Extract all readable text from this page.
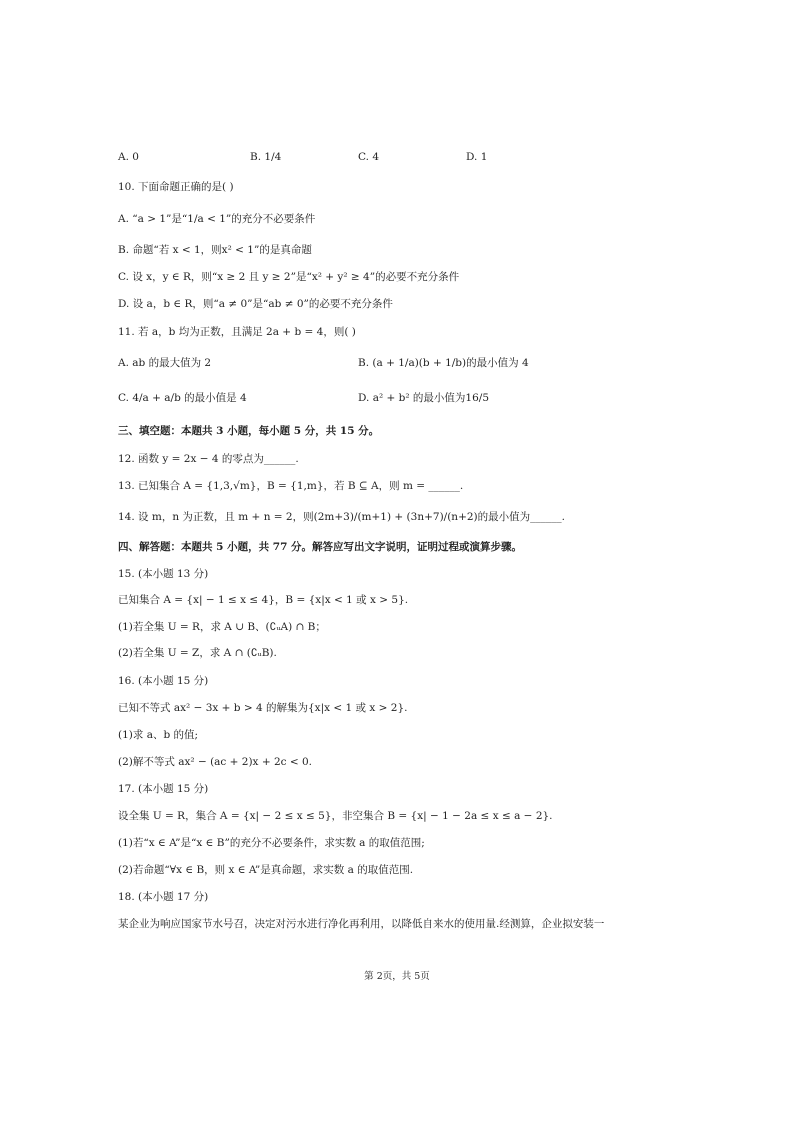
A. 0	B. 1/4	C. 4	D. 1
10. 下面命题正确的是( )
A. “a > 1”是“1/a < 1”的充分不必要条件
B. 命题“若 x < 1，则x² < 1”的是真命题
C. 设 x，y ∈ R，则“x ≥ 2 且 y ≥ 2”是“x² + y² ≥ 4”的必要不充分条件
D. 设 a，b ∈ R，则“a ≠ 0”是“ab ≠ 0”的必要不充分条件
11. 若 a，b 均为正数，且满足 2a + b = 4，则( )
A. ab 的最大值为 2	B. (a + 1/a)(b + 1/b)的最小值为 4
C. 4/a + a/b 的最小值是 4	D. a² + b² 的最小值为16/5
三、填空题：本题共 3 小题，每小题 5 分，共 15 分。
12. 函数 y = 2x − 4 的零点为______.
13. 已知集合 A = {1,3,√m}，B = {1,m}，若 B ⊆ A，则 m = ______.
14. 设 m，n 为正数，且 m + n = 2，则(2m+3)/(m+1) + (3n+7)/(n+2)的最小值为______.
四、解答题：本题共 5 小题，共 77 分。解答应写出文字说明，证明过程或演算步骤。
15. (本小题 13 分)
已知集合 A = {x| − 1 ≤ x ≤ 4}，B = {x|x < 1 或 x > 5}.
(1)若全集 U = R，求 A ∪ B、(∁ᵤA) ∩ B；
(2)若全集 U = Z，求 A ∩ (∁ᵤB).
16. (本小题 15 分)
已知不等式 ax² − 3x + b > 4 的解集为{x|x < 1 或 x > 2}.
(1)求 a、b 的值;
(2)解不等式 ax² − (ac + 2)x + 2c < 0.
17. (本小题 15 分)
设全集 U = R，集合 A = {x| − 2 ≤ x ≤ 5}，非空集合 B = {x| − 1 − 2a ≤ x ≤ a − 2}.
(1)若“x ∈ A”是“x ∈ B”的充分不必要条件，求实数 a 的取值范围;
(2)若命题“∀x ∈ B，则 x ∈ A”是真命题，求实数 a 的取值范围.
18. (本小题 17 分)
某企业为响应国家节水号召，决定对污水进行净化再利用，以降低自来水的使用量.经测算，企业拟安装一
第 2页，共 5页
